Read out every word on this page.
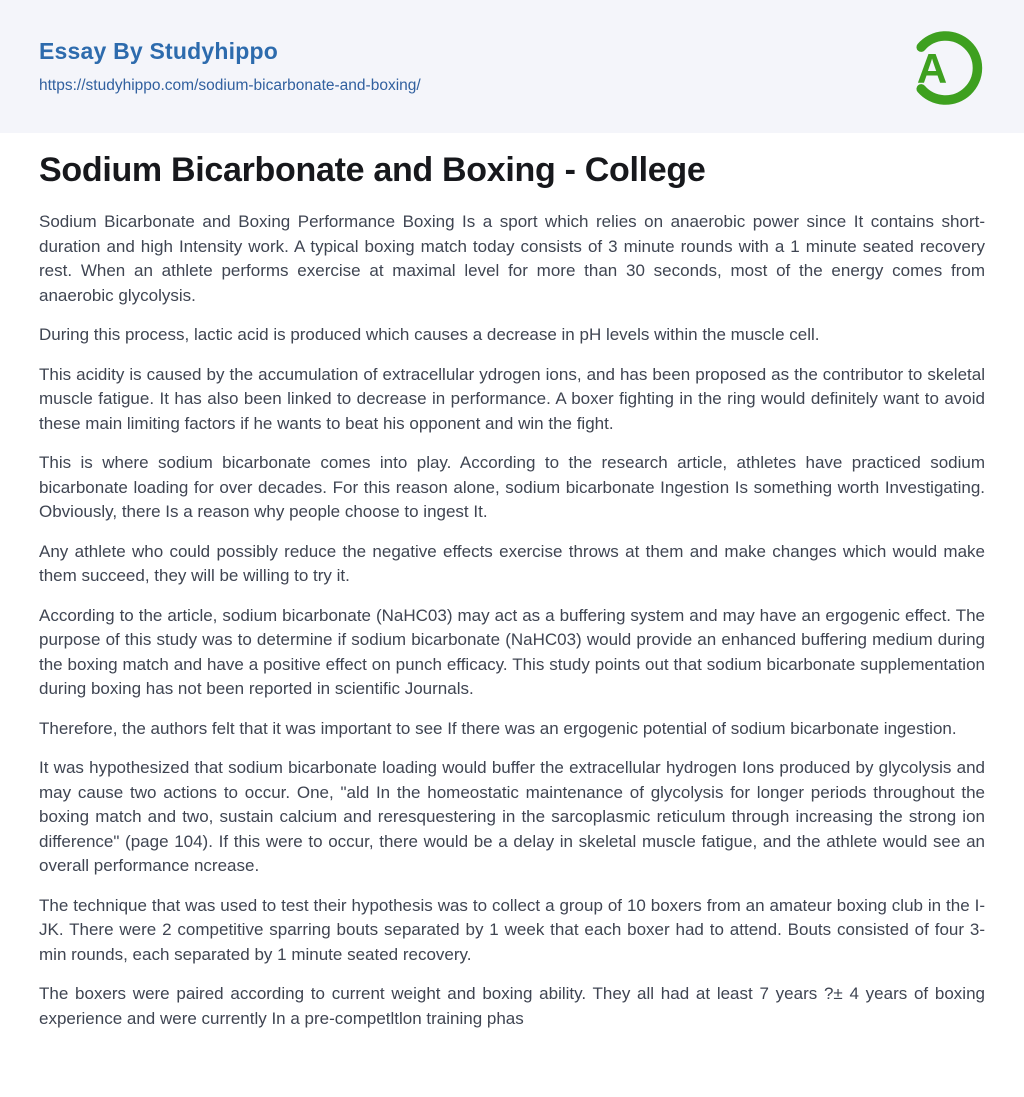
Essay By Studyhippo
https://studyhippo.com/sodium-bicarbonate-and-boxing/	A
Sodium Bicarbonate and Boxing - College

Sodium Bicarbonate and Boxing Performance Boxing Is a sport which relies on anaerobic power since It contains short-duration and high Intensity work. A typical boxing match today consists of 3 minute rounds with a 1 minute seated recovery rest. When an athlete performs exercise at maximal level for more than 30 seconds, most of the energy comes from anaerobic glycolysis.

During this process, lactic acid is produced which causes a decrease in pH levels within the muscle cell.

This acidity is caused by the accumulation of extracellular ydrogen ions, and has been proposed as the contributor to skeletal muscle fatigue. It has also been linked to decrease in performance. A boxer fighting in the ring would definitely want to avoid these main limiting factors if he wants to beat his opponent and win the fight.

This is where sodium bicarbonate comes into play. According to the research article, athletes have practiced sodium bicarbonate loading for over decades. For this reason alone, sodium bicarbonate Ingestion Is something worth Investigating. Obviously, there Is a reason why people choose to ingest It.

Any athlete who could possibly reduce the negative effects exercise throws at them and make changes which would make them succeed, they will be willing to try it.

According to the article, sodium bicarbonate (NaHC03) may act as a buffering system and may have an ergogenic effect. The purpose of this study was to determine if sodium bicarbonate (NaHC03) would provide an enhanced buffering medium during the boxing match and have a positive effect on punch efficacy. This study points out that sodium bicarbonate supplementation during boxing has not been reported in scientific Journals.

Therefore, the authors felt that it was important to see If there was an ergogenic potential of sodium bicarbonate ingestion.

It was hypothesized that sodium bicarbonate loading would buffer the extracellular hydrogen Ions produced by glycolysis and may cause two actions to occur. One, "ald In the homeostatic maintenance of glycolysis for longer periods throughout the boxing match and two, sustain calcium and reresquestering in the sarcoplasmic reticulum through increasing the strong ion difference" (page 104). If this were to occur, there would be a delay in skeletal muscle fatigue, and the athlete would see an overall performance ncrease.

The technique that was used to test their hypothesis was to collect a group of 10 boxers from an amateur boxing club in the I-JK. There were 2 competitive sparring bouts separated by 1 week that each boxer had to attend. Bouts consisted of four 3- min rounds, each separated by 1 minute seated recovery.

The boxers were paired according to current weight and boxing ability. They all had at least 7 years ?± 4 years of boxing experience and were currently In a pre-competltlon training phas
